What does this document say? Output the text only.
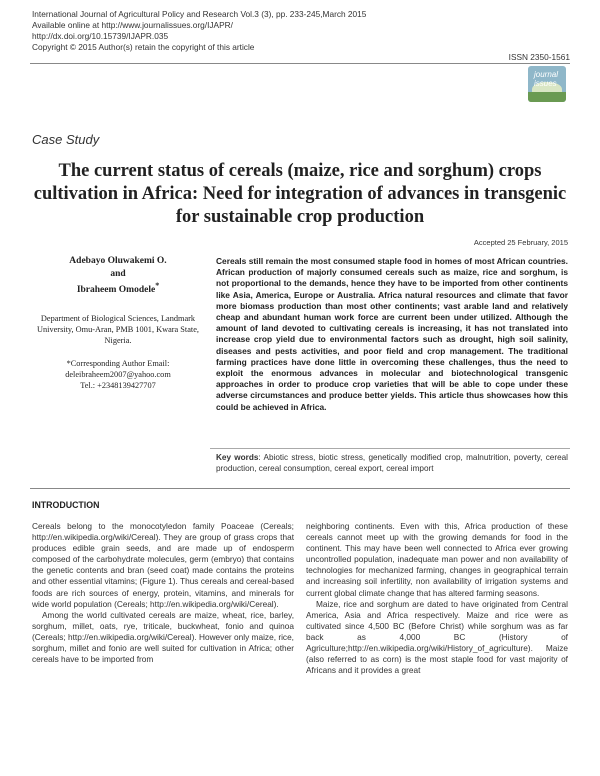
International Journal of Agricultural Policy and Research Vol.3 (3), pp. 233-245,March 2015
Available online at http://www.journalissues.org/IJAPR/
http://dx.doi.org/10.15739/IJAPR.035
Copyright © 2015 Author(s) retain the copyright of this article
ISSN 2350-1561
journal issues
Case Study
The current status of cereals (maize, rice and sorghum) crops cultivation in Africa: Need for integration of advances in transgenic for sustainable crop production
Accepted 25 February, 2015
Adebayo Oluwakemi O.
and
Ibraheem Omodele*
Department of Biological Sciences, Landmark University, Omu-Aran, PMB 1001, Kwara State, Nigeria.
*Corresponding Author Email:
deleibraheem2007@yahoo.com
Tel.: +2348139427707
Cereals still remain the most consumed staple food in homes of most African countries. African production of majorly consumed cereals such as maize, rice and sorghum, is not proportional to the demands, hence they have to be imported from other continents like Asia, America, Europe or Australia. Africa natural resources and climate that favor more biomass production than most other continents; vast arable land and relatively cheap and abundant human work force are current been under utilized. Although the amount of land devoted to cultivating cereals is increasing, it has not translated into increase crop yield due to environmental factors such as drought, high soil salinity, diseases and pests activities, and poor field and crop management. The traditional farming practices have done little in overcoming these challenges, thus the need to exploit the enormous advances in molecular and biotechnological transgenic approaches in order to produce crop varieties that will be able to cope under these adverse circumstances and produce better yields. This article thus showcases how this could be achieved in Africa.
Key words: Abiotic stress, biotic stress, genetically modified crop, malnutrition, poverty, cereal production, cereal consumption, cereal export, cereal import
INTRODUCTION

Cereals belong to the monocotyledon family Poaceae (Cereals; http://en.wikipedia.org/wiki/Cereal). They are group of grass crops that produces edible grain seeds, and are made up of endosperm composed of the carbohydrate molecules, germ (embryo) that contains the genetic contents and bran (seed coat) made contains the proteins and other essential vitamins; (Figure 1). Thus cereals and cereal-based foods are rich sources of energy, protein, vitamins, and minerals for wide world population (Cereals; http://en.wikipedia.org/wiki/Cereal).

Among the world cultivated cereals are maize, wheat, rice, barley, sorghum, millet, oats, rye, triticale, buckwheat, fonio and quinoa (Cereals; http://en.wikipedia.org/wiki/Cereal). However only maize, rice, sorghum, millet and fonio are well suited for cultivation in Africa; other cereals have to be imported from

neighboring continents. Even with this, Africa production of these cereals cannot meet up with the growing demands for food in the continent. This may have been well connected to Africa ever growing uncontrolled population, inadequate man power and non availability of technologies for mechanized farming, changes in geographical terrain and increasing soil infertility, non availability of irrigation systems and current global climate change that has altered farming seasons.

Maize, rice and sorghum are dated to have originated from Central America, Asia and Africa respectively. Maize and rice were as cultivated since 4,500 BC (Before Christ) while sorghum was as far back as 4,000 BC (History of Agriculture;http://en.wikipedia.org/wiki/History_of_agriculture). Maize (also referred to as corn) is the most staple food for vast majority of Africans and it provides a great
